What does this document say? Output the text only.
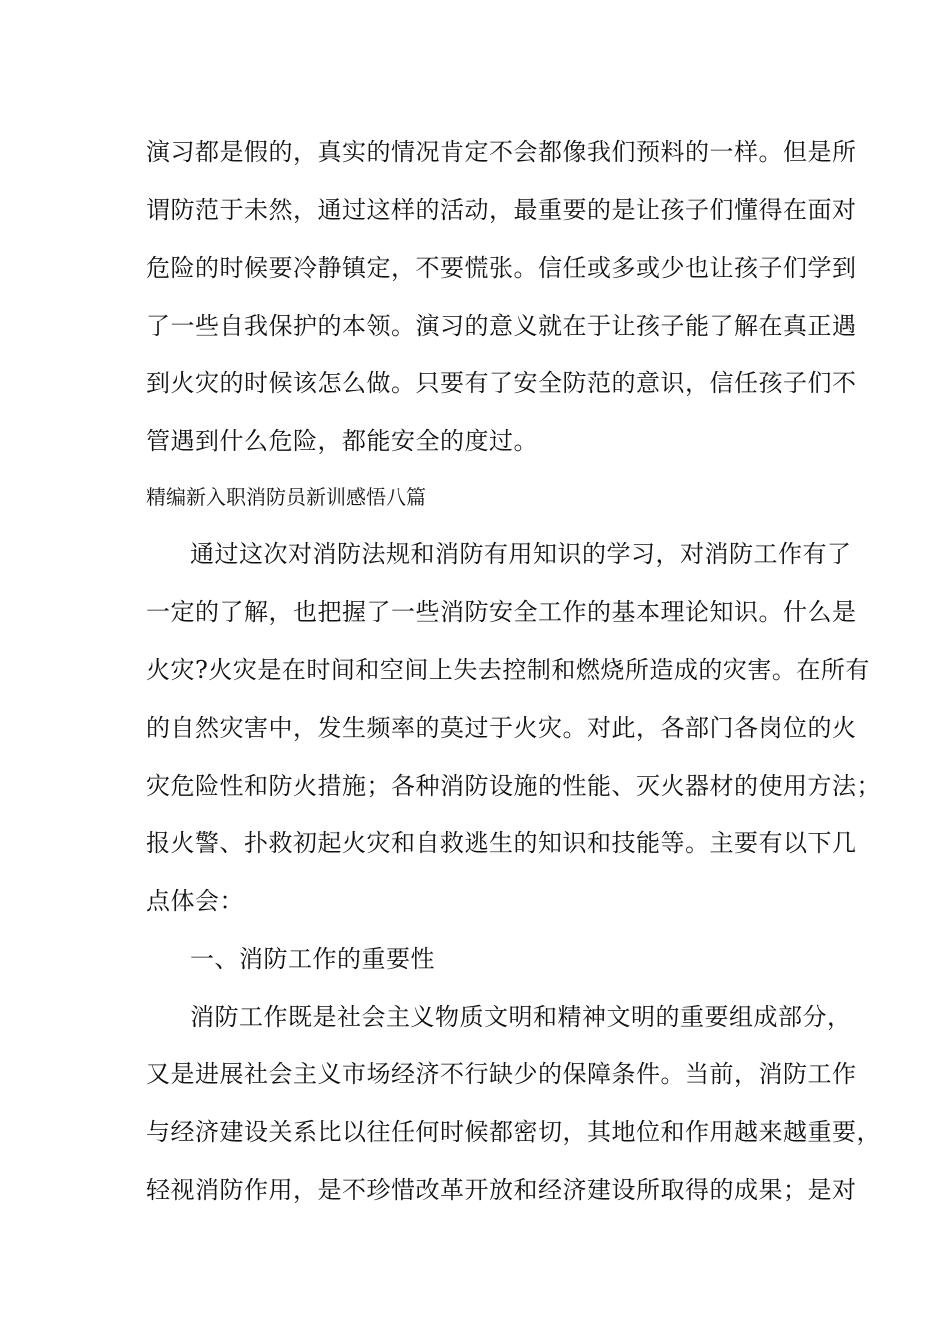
演习都是假的，真实的情况肯定不会都像我们预料的一样。但是所
谓防范于未然，通过这样的活动，最重要的是让孩子们懂得在面对
危险的时候要冷静镇定，不要慌张。信任或多或少也让孩子们学到
了一些自我保护的本领。演习的意义就在于让孩子能了解在真正遇
到火灾的时候该怎么做。只要有了安全防范的意识，信任孩子们不
管遇到什么危险，都能安全的度过。
精编新入职消防员新训感悟八篇
通过这次对消防法规和消防有用知识的学习，对消防工作有了
一定的了解，也把握了一些消防安全工作的基本理论知识。什么是
火灾?火灾是在时间和空间上失去控制和燃烧所造成的灾害。在所有
的自然灾害中，发生频率的莫过于火灾。对此，各部门各岗位的火
灾危险性和防火措施；各种消防设施的性能、灭火器材的使用方法；
报火警、扑救初起火灾和自救逃生的知识和技能等。主要有以下几
点体会：
一、消防工作的重要性
消防工作既是社会主义物质文明和精神文明的重要组成部分，
又是进展社会主义市场经济不行缺少的保障条件。当前，消防工作
与经济建设关系比以往任何时候都密切，其地位和作用越来越重要，
轻视消防作用，是不珍惜改革开放和经济建设所取得的成果；是对
